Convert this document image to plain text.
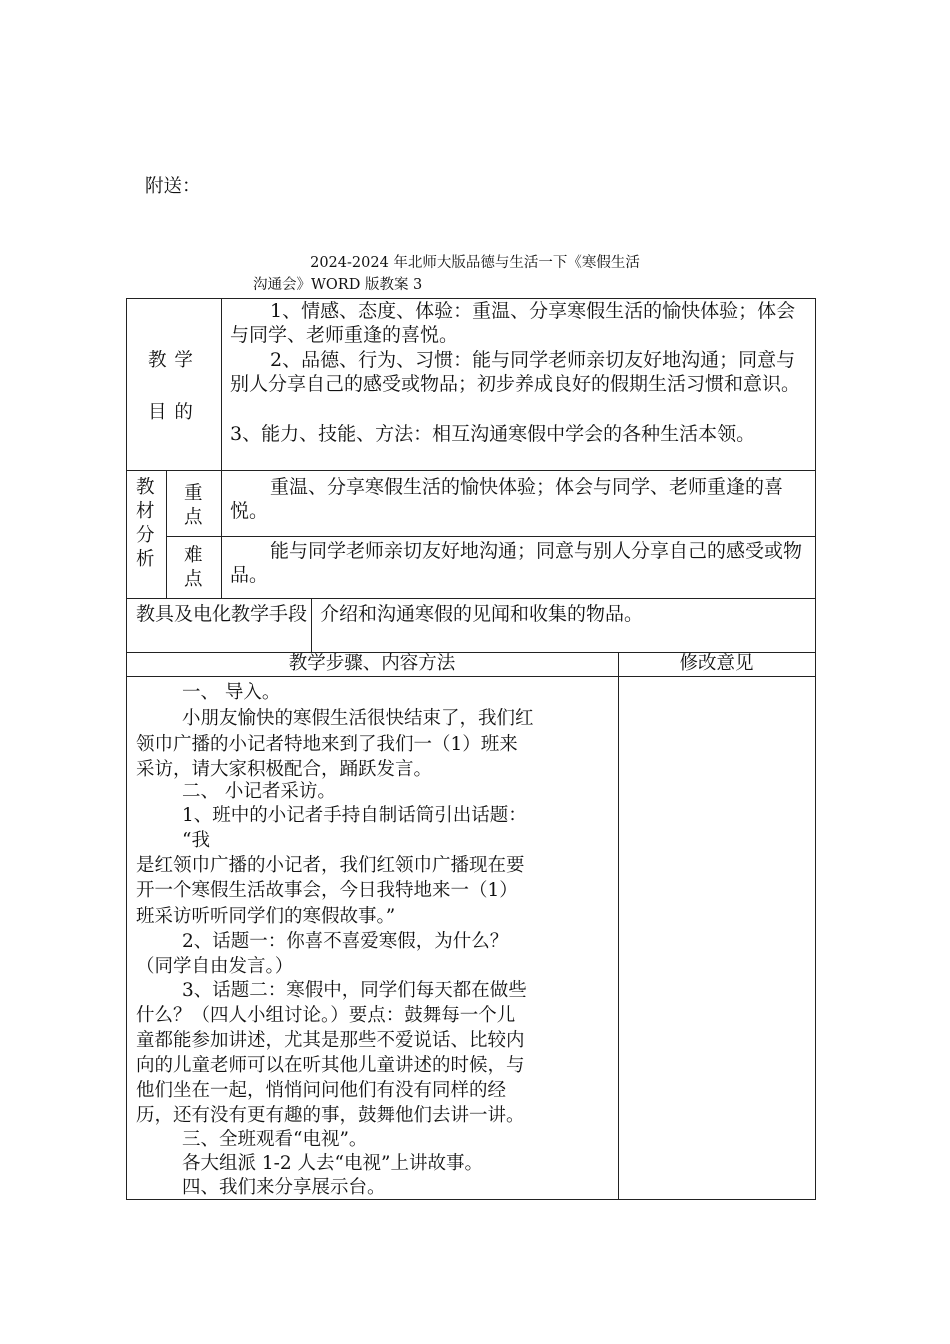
附送：
2024-2024 年北师大版品德与生活一下《寒假生活
沟通会》WORD 版教案 3
教 学
目 的
1、情感、态度、体验：重温、分享寒假生活的愉快体验；体会与同学、老师重逢的喜悦。
2、品德、行为、习惯：能与同学老师亲切友好地沟通；同意与别人分享自己的感受或物品；初步养成良好的假期生活习惯和意识。
3、能力、技能、方法：相互沟通寒假中学会的各种生活本领。
教
材
分
析
重
点
重温、分享寒假生活的愉快体验；体会与同学、老师重逢的喜悦。
难
点
能与同学老师亲切友好地沟通；同意与别人分享自己的感受或物品。
教具及电化教学手段 介绍和沟通寒假的见闻和收集的物品。
教学步骤、内容方法	修改意见
一、 导入。
小朋友愉快的寒假生活很快结束了，我们红
领巾广播的小记者特地来到了我们一（1）班来
采访，请大家积极配合，踊跃发言。
二、 小记者采访。
1、班中的小记者手持自制话筒引出话题：
“我
是红领巾广播的小记者，我们红领巾广播现在要
开一个寒假生活故事会，今日我特地来一（1）
班采访听听同学们的寒假故事。”
2、话题一：你喜不喜爱寒假，为什么？
（同学自由发言。）
3、话题二：寒假中，同学们每天都在做些
什么？（四人小组讨论。）要点：鼓舞每一个儿
童都能参加讲述，尤其是那些不爱说话、比较内
向的儿童老师可以在听其他儿童讲述的时候，与
他们坐在一起，悄悄问问他们有没有同样的经
历，还有没有更有趣的事，鼓舞他们去讲一讲。
三、全班观看“电视”。
各大组派 1-2 人去“电视”上讲故事。
四、我们来分享展示台。
